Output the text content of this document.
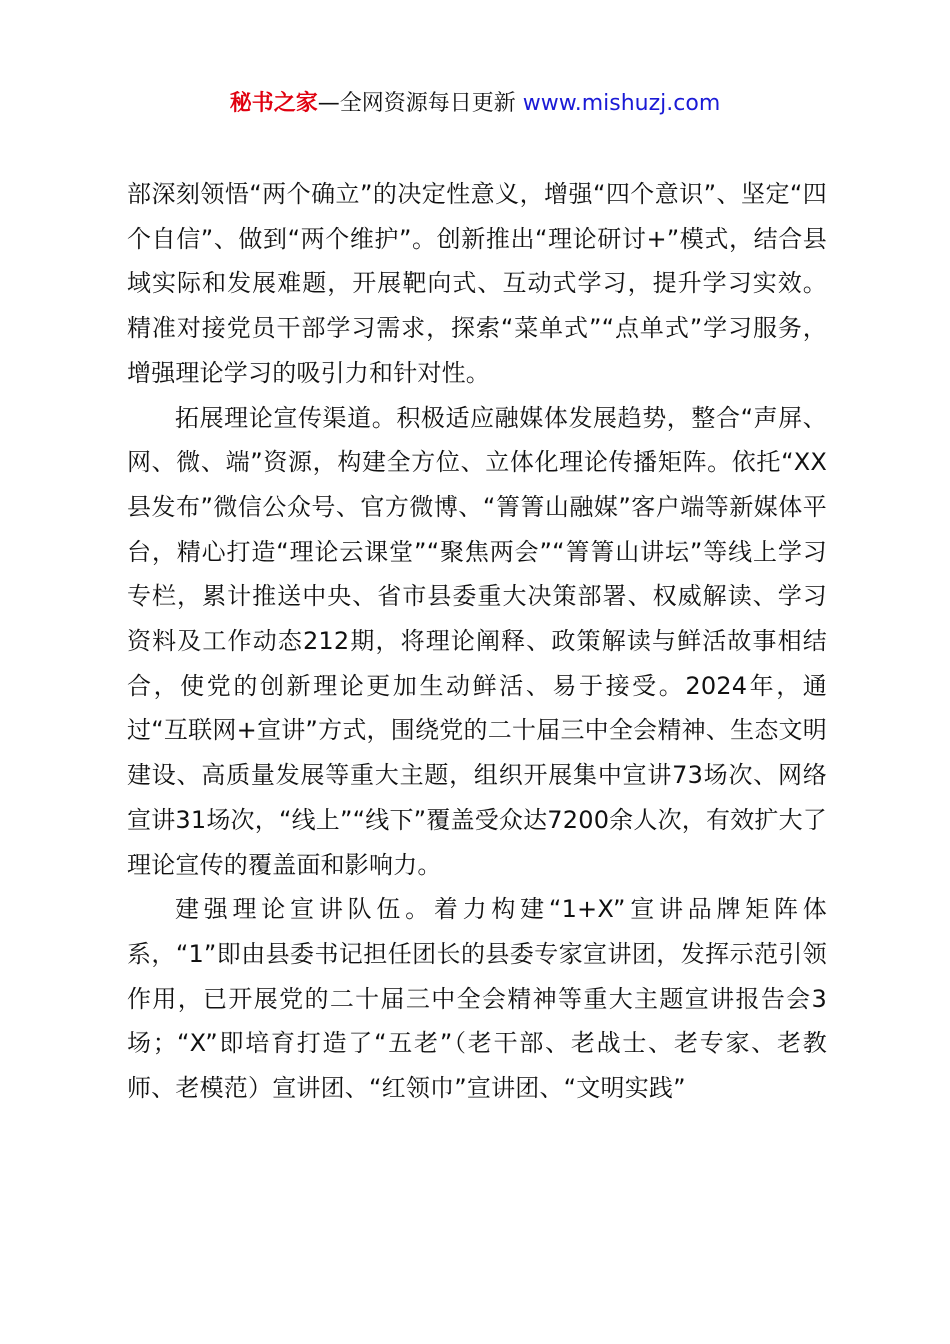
秘书之家—全网资源每日更新 www.mishuzj.com

部深刻领悟“两个确立”的决定性意义，增强“四个意识”、坚定“四个自信”、做到“两个维护”。创新推出“理论研讨+”模式，结合县域实际和发展难题，开展靶向式、互动式学习，提升学习实效。精准对接党员干部学习需求，探索“菜单式”“点单式”学习服务，增强理论学习的吸引力和针对性。

拓展理论宣传渠道。积极适应融媒体发展趋势，整合“声屏、网、微、端”资源，构建全方位、立体化理论传播矩阵。依托“XX县发布”微信公众号、官方微博、“箐箐山融媒”客户端等新媒体平台，精心打造“理论云课堂”“聚焦两会”“箐箐山讲坛”等线上学习专栏，累计推送中央、省市县委重大决策部署、权威解读、学习资料及工作动态212期，将理论阐释、政策解读与鲜活故事相结合，使党的创新理论更加生动鲜活、易于接受。2024年，通过“互联网+宣讲”方式，围绕党的二十届三中全会精神、生态文明建设、高质量发展等重大主题，组织开展集中宣讲73场次、网络宣讲31场次，“线上”“线下”覆盖受众达7200余人次，有效扩大了理论宣传的覆盖面和影响力。

建强理论宣讲队伍。着力构建“1+X”宣讲品牌矩阵体系，“1”即由县委书记担任团长的县委专家宣讲团，发挥示范引领作用，已开展党的二十届三中全会精神等重大主题宣讲报告会3场；“X”即培育打造了“五老”（老干部、老战士、老专家、老教师、老模范）宣讲团、“红领巾”宣讲团、“文明实践”
